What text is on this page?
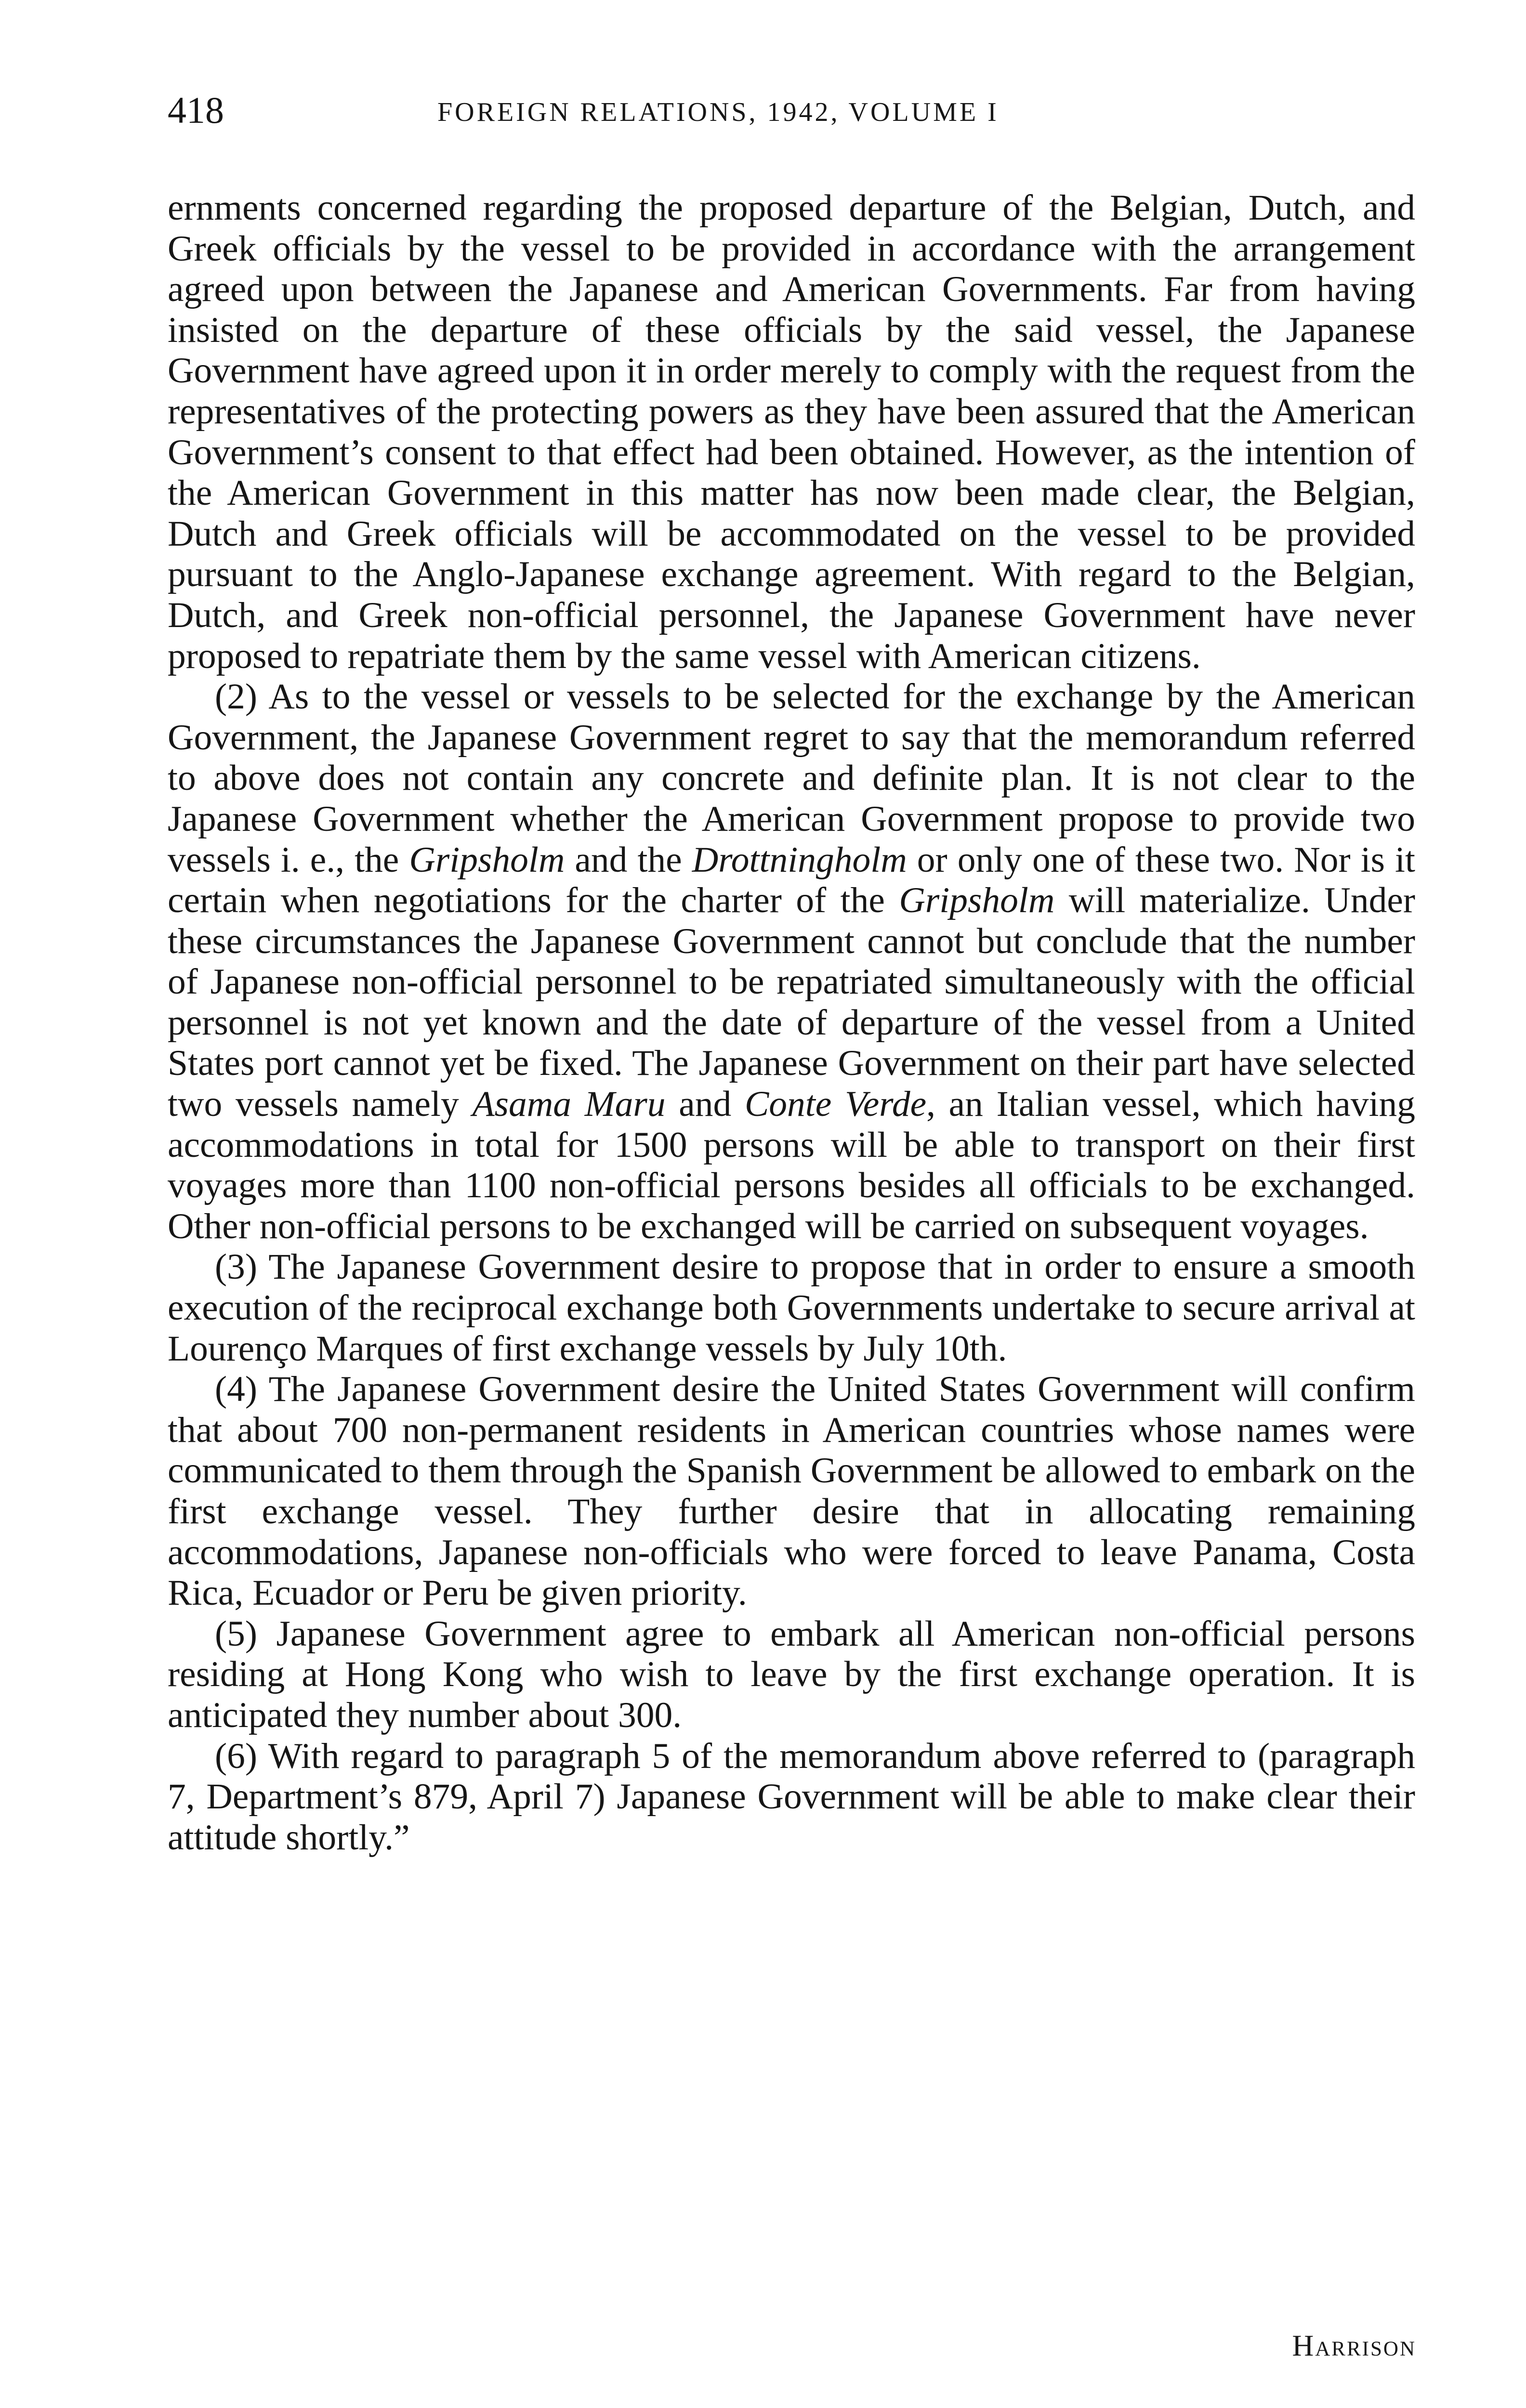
418	FOREIGN RELATIONS, 1942, VOLUME I

ernments concerned regarding the proposed departure of the Belgian, Dutch, and Greek officials by the vessel to be provided in accordance with the arrangement agreed upon between the Japanese and American Governments. Far from having insisted on the departure of these officials by the said vessel, the Japanese Government have agreed upon it in order merely to comply with the request from the representatives of the protecting powers as they have been assured that the American Government’s consent to that effect had been obtained. However, as the intention of the American Government in this matter has now been made clear, the Belgian, Dutch and Greek officials will be accommodated on the vessel to be provided pursuant to the Anglo-Japanese exchange agreement. With regard to the Belgian, Dutch, and Greek non-official personnel, the Japanese Government have never proposed to repatriate them by the same vessel with American citizens.

(2) As to the vessel or vessels to be selected for the exchange by the American Government, the Japanese Government regret to say that the memorandum referred to above does not contain any concrete and definite plan. It is not clear to the Japanese Government whether the American Government propose to provide two vessels i. e., the Gripsholm and the Drottningholm or only one of these two. Nor is it certain when negotiations for the charter of the Gripsholm will materialize. Under these circumstances the Japanese Government cannot but conclude that the number of Japanese non-official personnel to be repatriated simultaneously with the official personnel is not yet known and the date of departure of the vessel from a United States port cannot yet be fixed. The Japanese Government on their part have selected two vessels namely Asama Maru and Conte Verde, an Italian vessel, which having accommodations in total for 1500 persons will be able to transport on their first voyages more than 1100 non-official persons besides all officials to be exchanged. Other non-official persons to be exchanged will be carried on subsequent voyages.

(3) The Japanese Government desire to propose that in order to ensure a smooth execution of the reciprocal exchange both Governments undertake to secure arrival at Lourenço Marques of first exchange vessels by July 10th.

(4) The Japanese Government desire the United States Government will confirm that about 700 non-permanent residents in American countries whose names were communicated to them through the Spanish Government be allowed to embark on the first exchange vessel. They further desire that in allocating remaining accommodations, Japanese non-officials who were forced to leave Panama, Costa Rica, Ecuador or Peru be given priority.

(5) Japanese Government agree to embark all American non-official persons residing at Hong Kong who wish to leave by the first exchange operation. It is anticipated they number about 300.

(6) With regard to paragraph 5 of the memorandum above referred to (paragraph 7, Department’s 879, April 7) Japanese Government will be able to make clear their attitude shortly.”

Harrison
